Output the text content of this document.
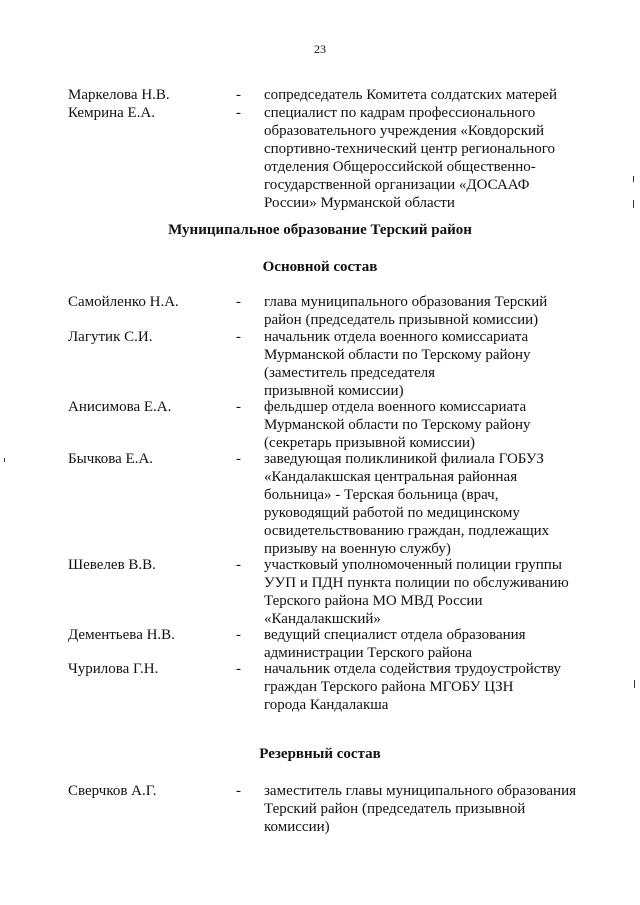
23
Маркелова Н.В.	- сопредседатель Комитета солдатских матерей
Кемрина Е.А.	- специалист по кадрам профессионального
образовательного учреждения «Ковдорский
спортивно-технический центр регионального
отделения Общероссийской общественно-
государственной организации «ДОСААФ
России» Мурманской области
Муниципальное образование Терский район
Основной состав
Самойленко Н.А.	- глава муниципального образования Терский
район (председатель призывной комиссии)
Лагутик С.И.	- начальник отдела военного комиссариата
Мурманской области по Терскому району
(заместитель председателя
призывной комиссии)
Анисимова Е.А.	- фельдшер отдела военного комиссариата
Мурманской области по Терскому району
(секретарь призывной комиссии)
Бычкова Е.А.	- заведующая поликлиникой филиала ГОБУЗ
«Кандалакшская центральная районная
больница» - Терская больница (врач,
руководящий работой по медицинскому
освидетельствованию граждан, подлежащих
призыву на военную службу)
Шевелев В.В.	- участковый уполномоченный полиции группы
УУП и ПДН пункта полиции по обслуживанию
Терского района МО МВД России
«Кандалакшский»
Дементьева Н.В.	- ведущий специалист отдела образования
администрации Терского района
Чурилова Г.Н.	- начальник отдела содействия трудоустройству
граждан Терского района МГОБУ ЦЗН
города Кандалакша
Резервный состав
Сверчков А.Г.	- заместитель главы муниципального образования
Терский район (председатель призывной
комиссии)
